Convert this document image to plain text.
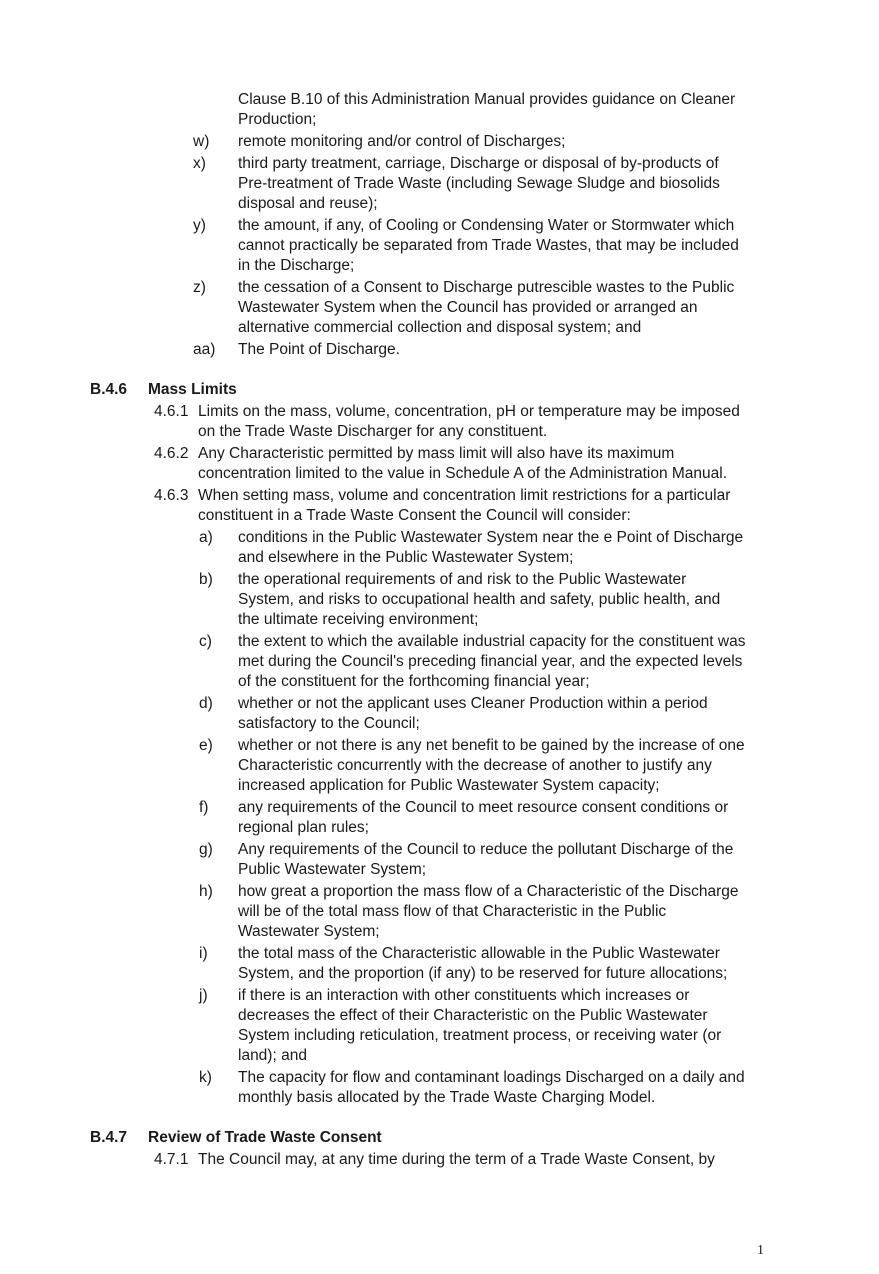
Clause B.10 of this Administration Manual provides guidance on Cleaner
Production;
w) remote monitoring and/or control of Discharges;
x) third party treatment, carriage, Discharge or disposal of by-products of
Pre-treatment of Trade Waste (including Sewage Sludge and biosolids
disposal and reuse);
y) the amount, if any, of Cooling or Condensing Water or Stormwater which
cannot practically be separated from Trade Wastes, that may be included
in the Discharge;
z) the cessation of a Consent to Discharge putrescible wastes to the Public
Wastewater System when the Council has provided or arranged an
alternative commercial collection and disposal system; and
aa) The Point of Discharge.
B.4.6 Mass Limits
4.6.1 Limits on the mass, volume, concentration, pH or temperature may be imposed
on the Trade Waste Discharger for any constituent.
4.6.2 Any Characteristic permitted by mass limit will also have its maximum
concentration limited to the value in Schedule A of the Administration Manual.
4.6.3 When setting mass, volume and concentration limit restrictions for a particular
constituent in a Trade Waste Consent the Council will consider:
a) conditions in the Public Wastewater System near the e Point of Discharge
and elsewhere in the Public Wastewater System;
b) the operational requirements of and risk to the Public Wastewater
System, and risks to occupational health and safety, public health, and
the ultimate receiving environment;
c) the extent to which the available industrial capacity for the constituent was
met during the Council's preceding financial year, and the expected levels
of the constituent for the forthcoming financial year;
d) whether or not the applicant uses Cleaner Production within a period
satisfactory to the Council;
e) whether or not there is any net benefit to be gained by the increase of one
Characteristic concurrently with the decrease of another to justify any
increased application for Public Wastewater System capacity;
f) any requirements of the Council to meet resource consent conditions or
regional plan rules;
g) Any requirements of the Council to reduce the pollutant Discharge of the
Public Wastewater System;
h) how great a proportion the mass flow of a Characteristic of the Discharge
will be of the total mass flow of that Characteristic in the Public
Wastewater System;
i) the total mass of the Characteristic allowable in the Public Wastewater
System, and the proportion (if any) to be reserved for future allocations;
j) if there is an interaction with other constituents which increases or
decreases the effect of their Characteristic on the Public Wastewater
System including reticulation, treatment process, or receiving water (or
land); and
k) The capacity for flow and contaminant loadings Discharged on a daily and
monthly basis allocated by the Trade Waste Charging Model.
B.4.7 Review of Trade Waste Consent
4.7.1 The Council may, at any time during the term of a Trade Waste Consent, by
1
